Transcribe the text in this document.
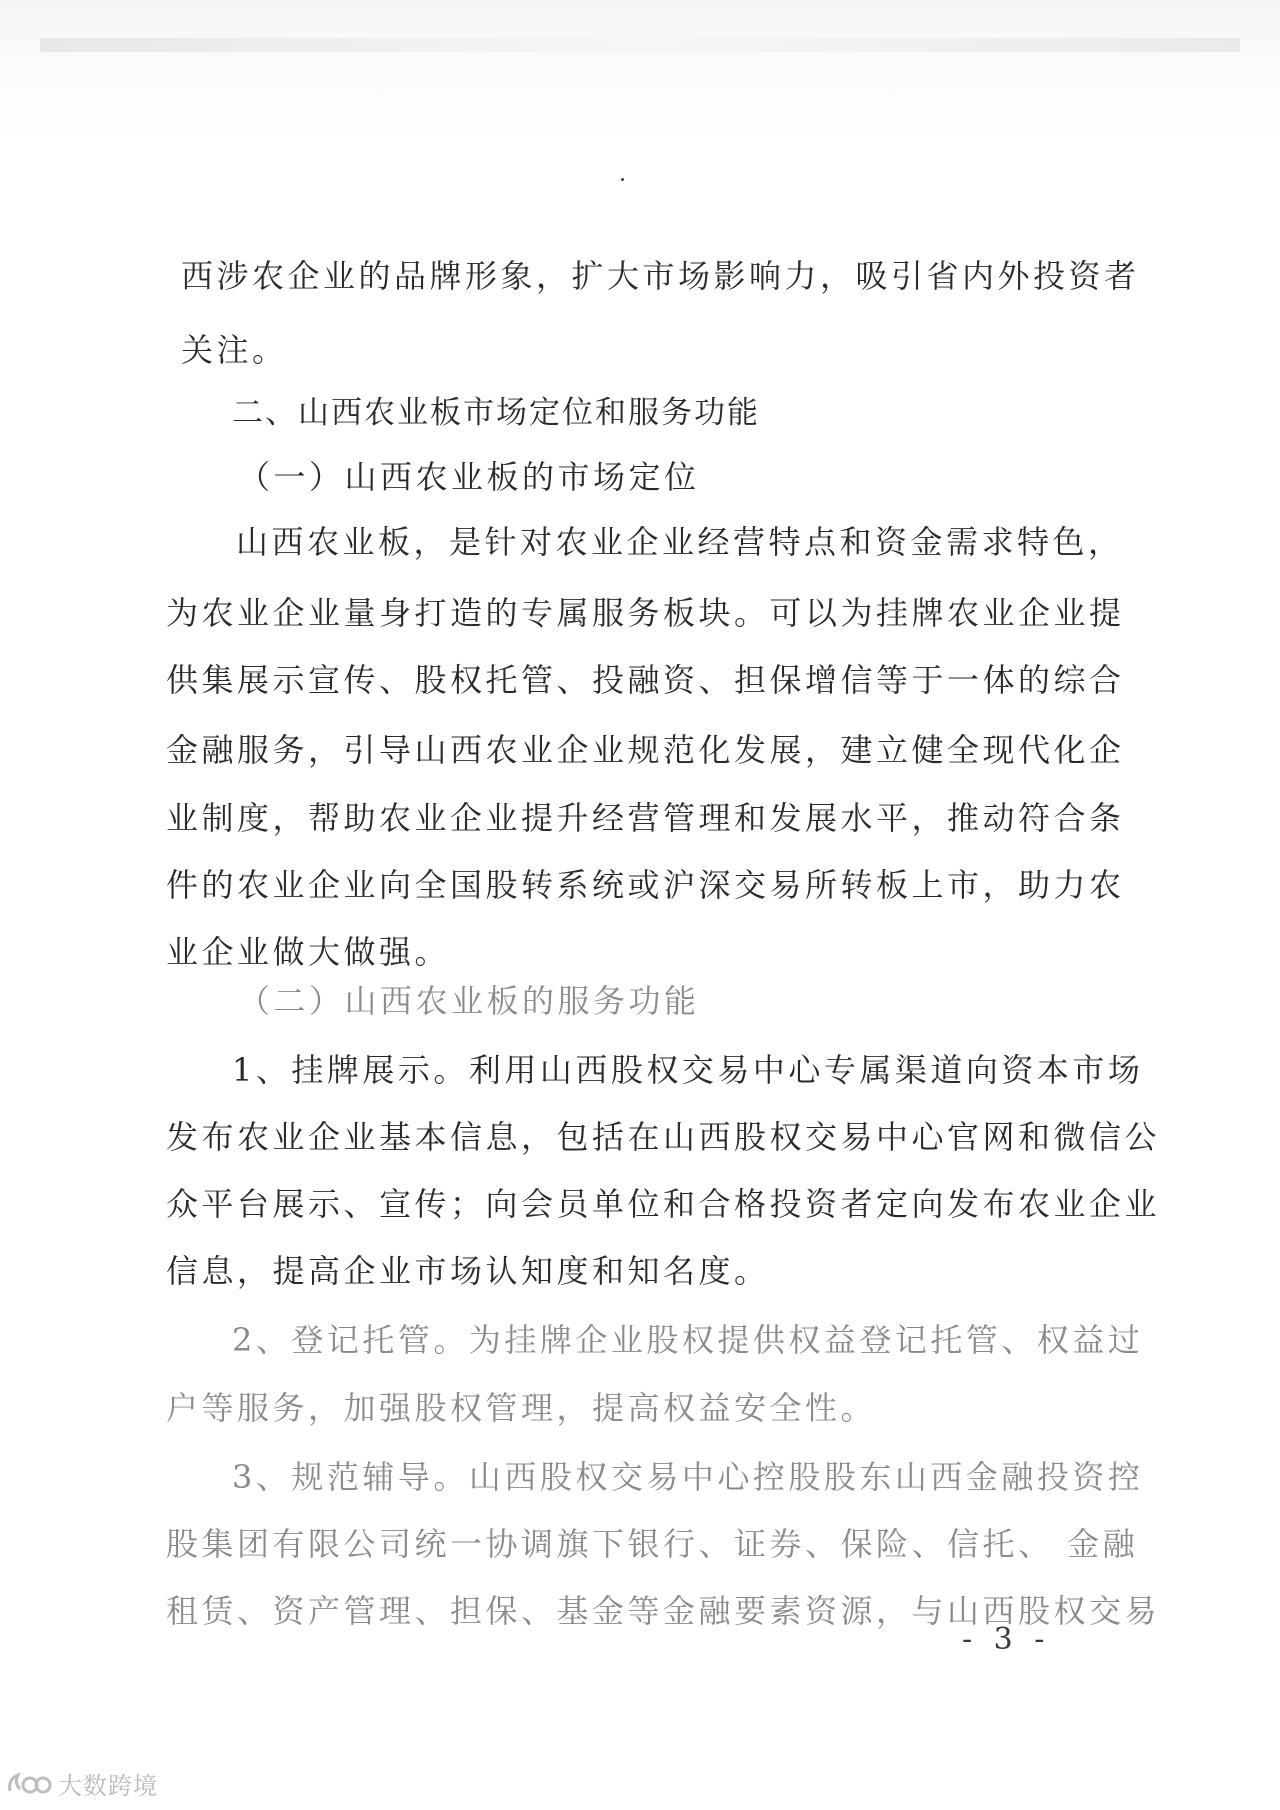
西涉农企业的品牌形象，扩大市场影响力，吸引省内外投资者
关注。
二、山西农业板市场定位和服务功能
（一）山西农业板的市场定位
山西农业板，是针对农业企业经营特点和资金需求特色，
为农业企业量身打造的专属服务板块。可以为挂牌农业企业提
供集展示宣传、股权托管、投融资、担保增信等于一体的综合
金融服务，引导山西农业企业规范化发展，建立健全现代化企
业制度，帮助农业企业提升经营管理和发展水平，推动符合条
件的农业企业向全国股转系统或沪深交易所转板上市，助力农
业企业做大做强。
（二）山西农业板的服务功能
1、挂牌展示。利用山西股权交易中心专属渠道向资本市场
发布农业企业基本信息，包括在山西股权交易中心官网和微信公
众平台展示、宣传；向会员单位和合格投资者定向发布农业企业
信息，提高企业市场认知度和知名度。
2、登记托管。为挂牌企业股权提供权益登记托管、权益过
户等服务，加强股权管理，提高权益安全性。
3、规范辅导。山西股权交易中心控股股东山西金融投资控
股集团有限公司统一协调旗下银行、证券、保险、信托、 金融
租赁、资产管理、担保、基金等金融要素资源，与山西股权交易
- 3 -
大数跨境
